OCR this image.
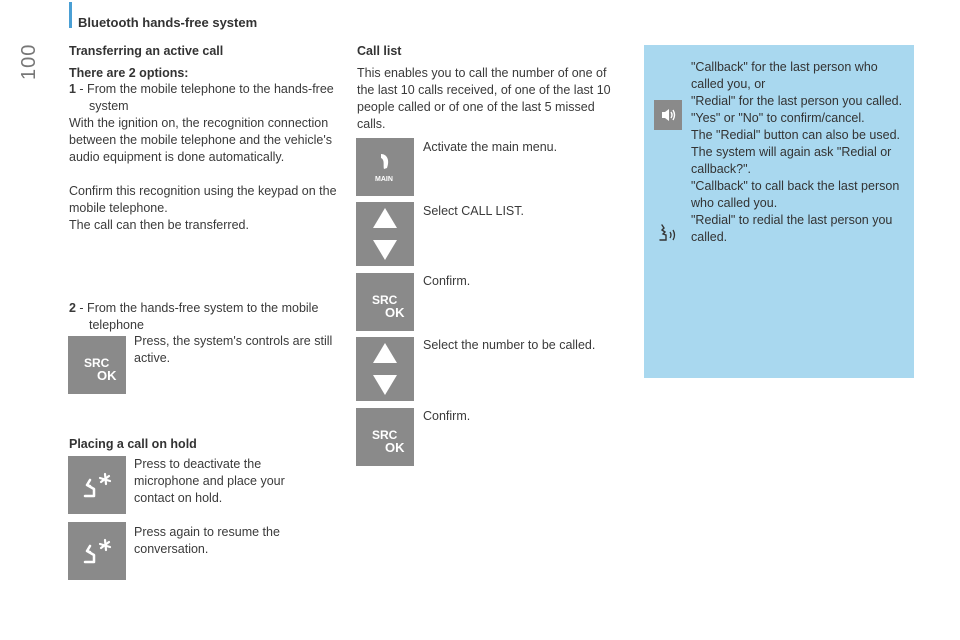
Bluetooth hands-free system
100 Transferring an active call
There are 2 options:
1 - From the mobile telephone to the hands-free system
With the ignition on, the recognition connection between the mobile telephone and the vehicle's audio equipment is done automatically.
Confirm this recognition using the keypad on the mobile telephone.
The call can then be transferred.
2 - From the hands-free system to the mobile telephone
SRC
OK
Press, the system's controls are still active.
Placing a call on hold
Press to deactivate the microphone and place your contact on hold.
Press again to resume the conversation.
Call list
This enables you to call the number of one of the last 10 calls received, of one of the last 10 people called or of one of the last 5 missed calls.
MAIN
Activate the main menu.
Select CALL LIST.
SRC
OK
Confirm.
Select the number to be called.
SRC
OK
Confirm.
"Callback" for the last person who called you, or
"Redial" for the last person you called.
"Yes" or "No" to confirm/cancel.
The "Redial" button can also be used.
The system will again ask "Redial or callback?".
"Callback" to call back the last person who called you.
"Redial" to redial the last person you called.
